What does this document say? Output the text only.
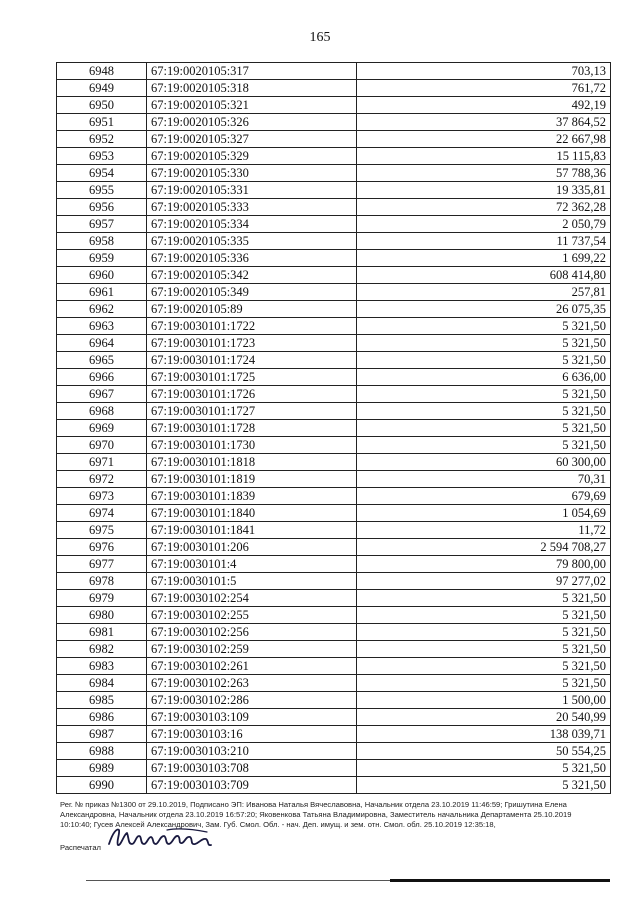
165
6948	67:19:0020105:317	703,13
6949	67:19:0020105:318	761,72
6950	67:19:0020105:321	492,19
6951	67:19:0020105:326	37 864,52
6952	67:19:0020105:327	22 667,98
6953	67:19:0020105:329	15 115,83
6954	67:19:0020105:330	57 788,36
6955	67:19:0020105:331	19 335,81
6956	67:19:0020105:333	72 362,28
6957	67:19:0020105:334	2 050,79
6958	67:19:0020105:335	11 737,54
6959	67:19:0020105:336	1 699,22
6960	67:19:0020105:342	608 414,80
6961	67:19:0020105:349	257,81
6962	67:19:0020105:89	26 075,35
6963	67:19:0030101:1722	5 321,50
6964	67:19:0030101:1723	5 321,50
6965	67:19:0030101:1724	5 321,50
6966	67:19:0030101:1725	6 636,00
6967	67:19:0030101:1726	5 321,50
6968	67:19:0030101:1727	5 321,50
6969	67:19:0030101:1728	5 321,50
6970	67:19:0030101:1730	5 321,50
6971	67:19:0030101:1818	60 300,00
6972	67:19:0030101:1819	70,31
6973	67:19:0030101:1839	679,69
6974	67:19:0030101:1840	1 054,69
6975	67:19:0030101:1841	11,72
6976	67:19:0030101:206	2 594 708,27
6977	67:19:0030101:4	79 800,00
6978	67:19:0030101:5	97 277,02
6979	67:19:0030102:254	5 321,50
6980	67:19:0030102:255	5 321,50
6981	67:19:0030102:256	5 321,50
6982	67:19:0030102:259	5 321,50
6983	67:19:0030102:261	5 321,50
6984	67:19:0030102:263	5 321,50
6985	67:19:0030102:286	1 500,00
6986	67:19:0030103:109	20 540,99
6987	67:19:0030103:16	138 039,71
6988	67:19:0030103:210	50 554,25
6989	67:19:0030103:708	5 321,50
6990	67:19:0030103:709	5 321,50
Рег. № приказ №1300 от 29.10.2019, Подписано ЭП: Иванова Наталья Вячеславовна, Начальник отдела 23.10.2019 11:46:59; Гришутина Елена
Александровна, Начальник отдела 23.10.2019 16:57:20; Яковенкова Татьяна Владимировна, Заместитель начальника Департамента 25.10.2019
10:10:40; Гусев Алексей Александрович, Зам. Губ. Смол. Обл. - нач. Деп. имущ. и зем. отн. Смол. обл. 25.10.2019 12:35:18,
Распечатал
